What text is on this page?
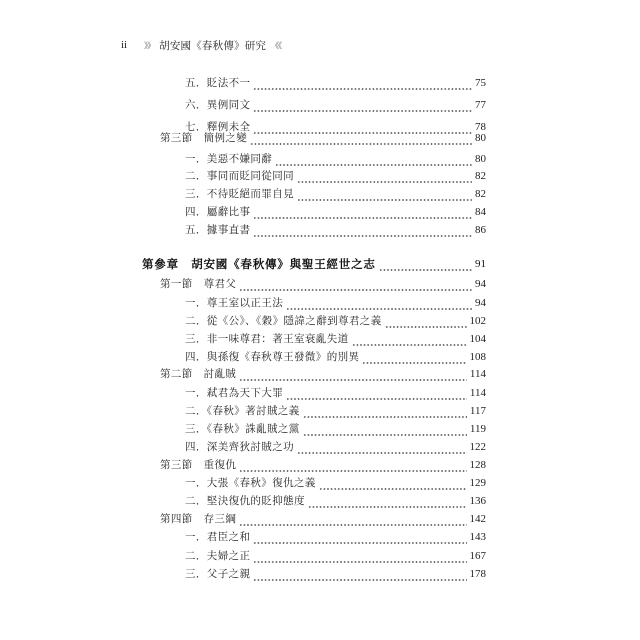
ii 》》 胡安國《春秋傳》研究 《《
五．貶法不一	75
六．異例同文	77
七．釋例未全	78
第三節　簡例之變	80
一．美惡不嫌同辭	80
二．事同而貶同從同同	82
三．不待貶絕而罪自見	82
四．屬辭比事	84
五．據事直書	86
第參章　胡安國《春秋傳》與聖王經世之志	91
第一節　尊君父	94
一．尊王室以正王法	94
二．從《公》、《穀》隱諱之辭到尊君之義	102
三．非一味尊君：著王室衰亂失道	104
四．與孫復《春秋尊王發微》的別異	108
第二節　討亂賊	114
一．弒君為天下大罪	114
二．《春秋》著討賊之義	117
三．《春秋》誅亂賊之黨	119
四．深美齊狄討賊之功	122
第三節　重復仇	128
一．大張《春秋》復仇之義	129
二．堅決復仇的貶抑態度	136
第四節　存三綱	142
一．君臣之和	143
二．夫婦之正	167
三．父子之親	178
